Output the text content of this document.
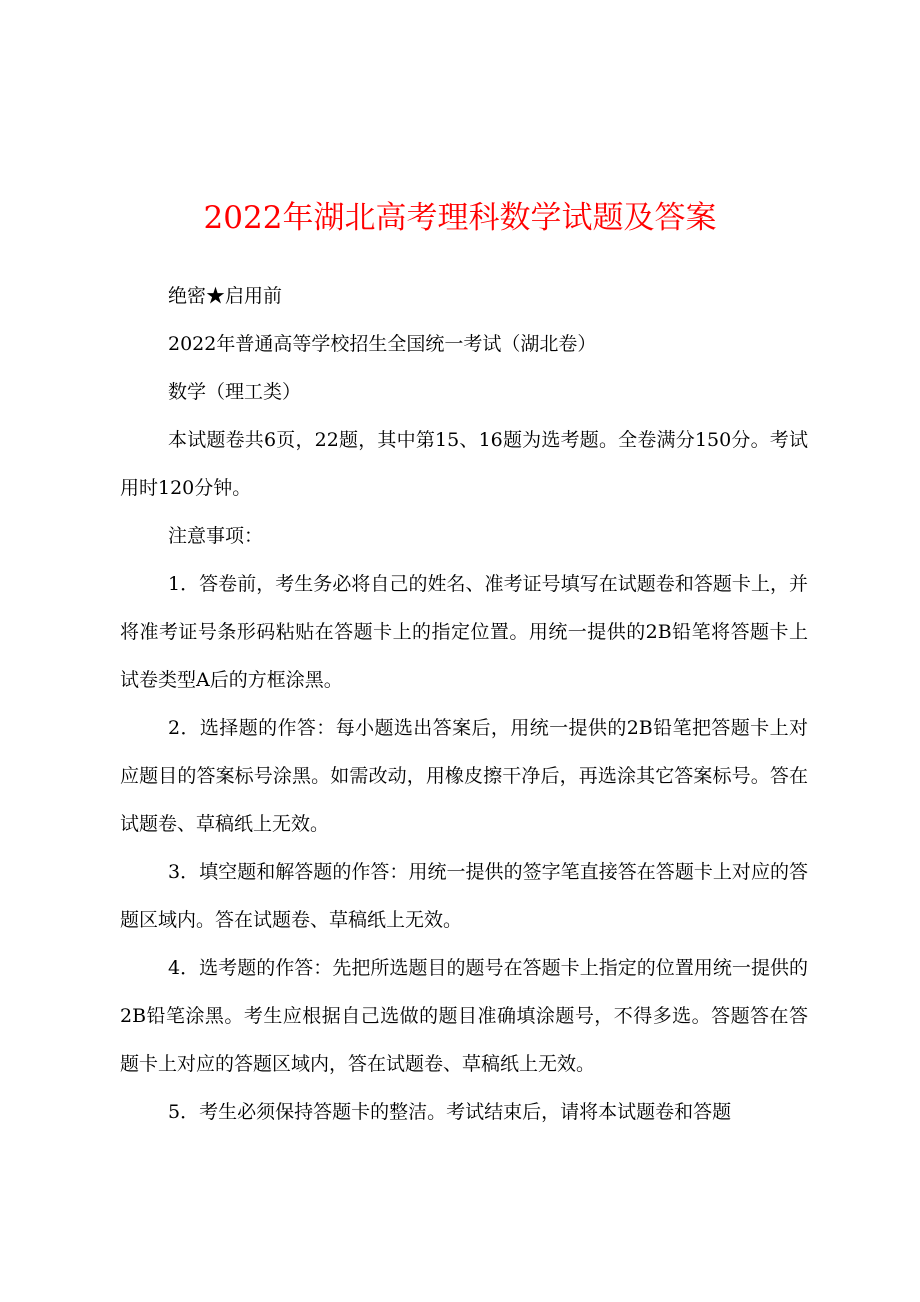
2022年湖北高考理科数学试题及答案

绝密★启用前

2022年普通高等学校招生全国统一考试（湖北卷）

数学（理工类）

本试题卷共6页，22题，其中第15、16题为选考题。全卷满分150分。考试用时120分钟。

注意事项：

1．答卷前，考生务必将自己的姓名、准考证号填写在试题卷和答题卡上，并将准考证号条形码粘贴在答题卡上的指定位置。用统一提供的2B铅笔将答题卡上试卷类型A后的方框涂黑。

2．选择题的作答：每小题选出答案后，用统一提供的2B铅笔把答题卡上对应题目的答案标号涂黑。如需改动，用橡皮擦干净后，再选涂其它答案标号。答在试题卷、草稿纸上无效。

3．填空题和解答题的作答：用统一提供的签字笔直接答在答题卡上对应的答题区域内。答在试题卷、草稿纸上无效。

4．选考题的作答：先把所选题目的题号在答题卡上指定的位置用统一提供的2B铅笔涂黑。考生应根据自己选做的题目准确填涂题号，不得多选。答题答在答题卡上对应的答题区域内，答在试题卷、草稿纸上无效。

5．考生必须保持答题卡的整洁。考试结束后，请将本试题卷和答题
